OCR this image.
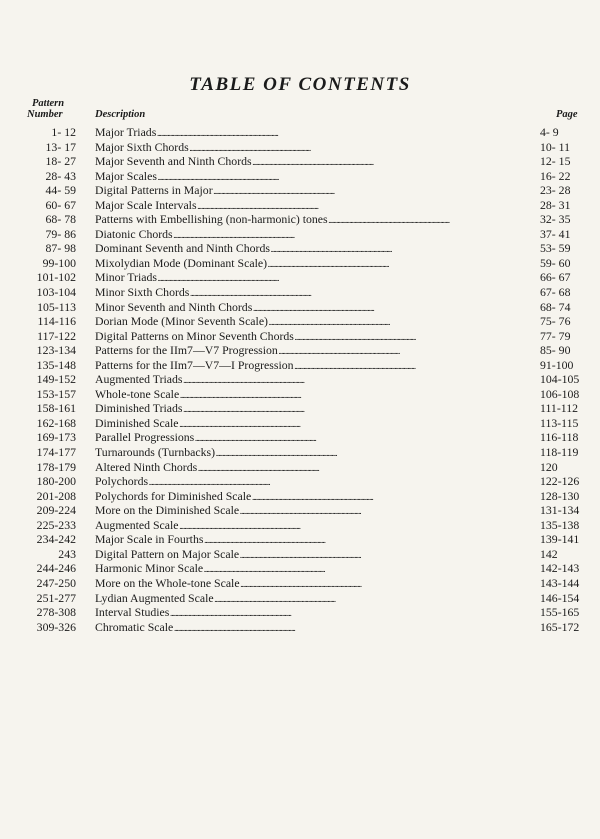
TABLE OF CONTENTS
Pattern
Number	Description	Page
1- 12 Major Triads . . .	4- 9
13- 17 Major Sixth Chords . . .	10- 11
18- 27 Major Seventh and Ninth Chords . . .	12- 15
28- 43 Major Scales . . .	16- 22
44- 59 Digital Patterns in Major . . .	23- 28
60- 67 Major Scale Intervals . . .	28- 31
68- 78 Patterns with Embellishing (non-harmonic) tones . . .	32- 35
79- 86 Diatonic Chords . . .	37- 41
87- 98 Dominant Seventh and Ninth Chords . . .	53- 59
99-100 Mixolydian Mode (Dominant Scale) . . .	59- 60
101-102 Minor Triads . . .	66- 67
103-104 Minor Sixth Chords . . .	67- 68
105-113 Minor Seventh and Ninth Chords . . .	68- 74
114-116 Dorian Mode (Minor Seventh Scale) . . .	75- 76
117-122 Digital Patterns on Minor Seventh Chords . . .	77- 79
123-134 Patterns for the IIm7—V7 Progression . . .	85- 90
135-148 Patterns for the IIm7—V7—I Progression . . .	91-100
149-152 Augmented Triads . . .	104-105
153-157 Whole-tone Scale . . .	106-108
158-161 Diminished Triads . . .	111-112
162-168 Diminished Scale . . .	113-115
169-173 Parallel Progressions . . .	116-118
174-177 Turnarounds (Turnbacks) . . .	118-119
178-179 Altered Ninth Chords . . .	120
180-200 Polychords . . .	122-126
201-208 Polychords for Diminished Scale . . .	128-130
209-224 More on the Diminished Scale . . .	131-134
225-233 Augmented Scale . . .	135-138
234-242 Major Scale in Fourths . . .	139-141
243 Digital Pattern on Major Scale . . .	142
244-246 Harmonic Minor Scale . . .	142-143
247-250 More on the Whole-tone Scale . . .	143-144
251-277 Lydian Augmented Scale . . .	146-154
278-308 Interval Studies . . .	155-165
309-326 Chromatic Scale . . .	165-172
